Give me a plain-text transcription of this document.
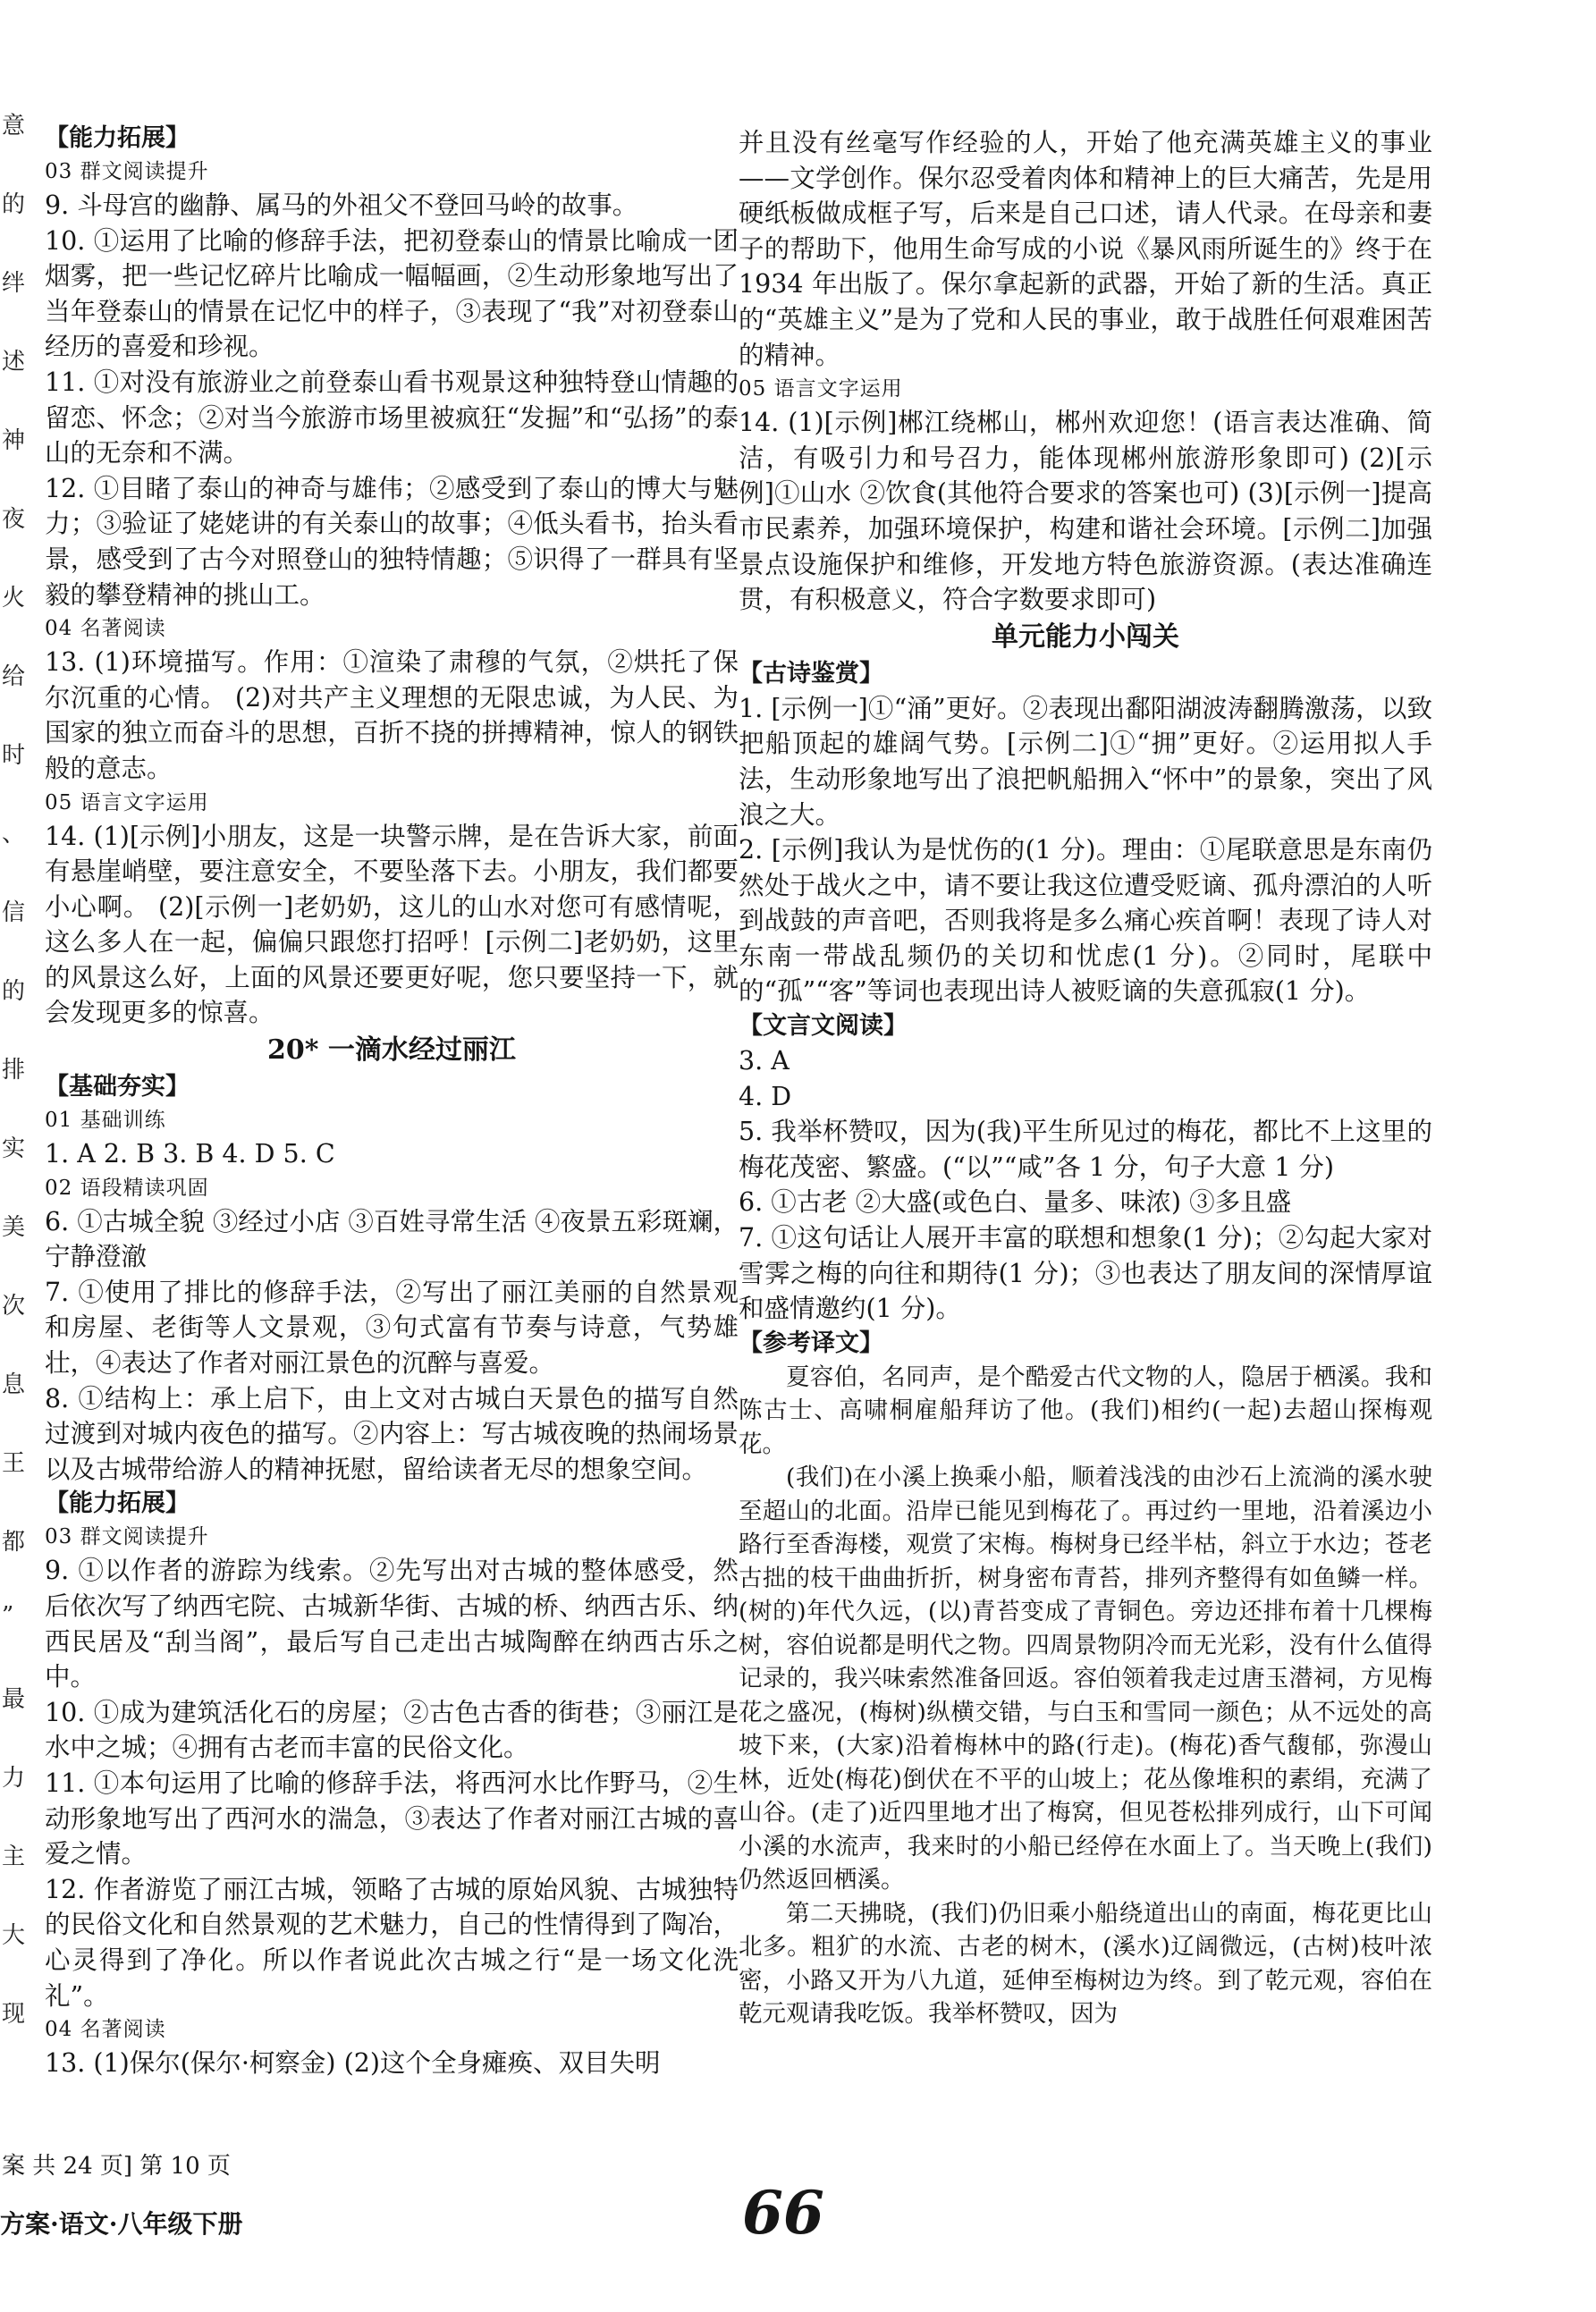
意
的
绊
述
神
夜
火
给
时
、
信
的
排
实
美
次
息
王
都
”
最
力
主
大
现

【能力拓展】

03 群文阅读提升

9. 斗母宫的幽静、属马的外祖父不登回马岭的故事。

10. ①运用了比喻的修辞手法，把初登泰山的情景比喻成一团烟雾，把一些记忆碎片比喻成一幅幅画，②生动形象地写出了当年登泰山的情景在记忆中的样子，③表现了“我”对初登泰山经历的喜爱和珍视。

11. ①对没有旅游业之前登泰山看书观景这种独特登山情趣的留恋、怀念；②对当今旅游市场里被疯狂“发掘”和“弘扬”的泰山的无奈和不满。

12. ①目睹了泰山的神奇与雄伟；②感受到了泰山的博大与魅力；③验证了姥姥讲的有关泰山的故事；④低头看书，抬头看景，感受到了古今对照登山的独特情趣；⑤识得了一群具有坚毅的攀登精神的挑山工。

04 名著阅读

13. (1)环境描写。作用：①渲染了肃穆的气氛，②烘托了保尔沉重的心情。 (2)对共产主义理想的无限忠诚，为人民、为国家的独立而奋斗的思想，百折不挠的拼搏精神，惊人的钢铁般的意志。

05 语言文字运用

14. (1)[示例]小朋友，这是一块警示牌，是在告诉大家，前面有悬崖峭壁，要注意安全，不要坠落下去。小朋友，我们都要小心啊。 (2)[示例一]老奶奶，这儿的山水对您可有感情呢，这么多人在一起，偏偏只跟您打招呼！[示例二]老奶奶，这里的风景这么好，上面的风景还要更好呢，您只要坚持一下，就会发现更多的惊喜。

20* 一滴水经过丽江

【基础夯实】

01 基础训练

1. A 2. B 3. B 4. D 5. C

02 语段精读巩固

6. ①古城全貌 ③经过小店 ③百姓寻常生活 ④夜景五彩斑斓，宁静澄澈

7. ①使用了排比的修辞手法，②写出了丽江美丽的自然景观和房屋、老街等人文景观，③句式富有节奏与诗意，气势雄壮，④表达了作者对丽江景色的沉醉与喜爱。

8. ①结构上：承上启下，由上文对古城白天景色的描写自然过渡到对城内夜色的描写。②内容上：写古城夜晚的热闹场景以及古城带给游人的精神抚慰，留给读者无尽的想象空间。

【能力拓展】

03 群文阅读提升

9. ①以作者的游踪为线索。②先写出对古城的整体感受，然后依次写了纳西宅院、古城新华街、古城的桥、纳西古乐、纳西民居及“刮当阁”，最后写自己走出古城陶醉在纳西古乐之中。

10. ①成为建筑活化石的房屋；②古色古香的街巷；③丽江是水中之城；④拥有古老而丰富的民俗文化。

11. ①本句运用了比喻的修辞手法，将西河水比作野马，②生动形象地写出了西河水的湍急，③表达了作者对丽江古城的喜爱之情。

12. 作者游览了丽江古城，领略了古城的原始风貌、古城独特的民俗文化和自然景观的艺术魅力，自己的性情得到了陶冶，心灵得到了净化。所以作者说此次古城之行“是一场文化洗礼”。

04 名著阅读

13. (1)保尔(保尔·柯察金) (2)这个全身瘫痪、双目失明

并且没有丝毫写作经验的人，开始了他充满英雄主义的事业——文学创作。保尔忍受着肉体和精神上的巨大痛苦，先是用硬纸板做成框子写，后来是自己口述，请人代录。在母亲和妻子的帮助下，他用生命写成的小说《暴风雨所诞生的》终于在 1934 年出版了。保尔拿起新的武器，开始了新的生活。真正的“英雄主义”是为了党和人民的事业，敢于战胜任何艰难困苦的精神。

05 语言文字运用

14. (1)[示例]郴江绕郴山，郴州欢迎您！(语言表达准确、简洁，有吸引力和号召力，能体现郴州旅游形象即可) (2)[示例]①山水 ②饮食(其他符合要求的答案也可) (3)[示例一]提高市民素养，加强环境保护，构建和谐社会环境。[示例二]加强景点设施保护和维修，开发地方特色旅游资源。(表达准确连贯，有积极意义，符合字数要求即可)

单元能力小闯关

【古诗鉴赏】

1. [示例一]①“涌”更好。②表现出鄱阳湖波涛翻腾激荡，以致把船顶起的雄阔气势。[示例二]①“拥”更好。②运用拟人手法，生动形象地写出了浪把帆船拥入“怀中”的景象，突出了风浪之大。

2. [示例]我认为是忧伤的(1 分)。理由：①尾联意思是东南仍然处于战火之中，请不要让我这位遭受贬谪、孤舟漂泊的人听到战鼓的声音吧，否则我将是多么痛心疾首啊！表现了诗人对东南一带战乱频仍的关切和忧虑(1 分)。②同时，尾联中的“孤”“客”等词也表现出诗人被贬谪的失意孤寂(1 分)。

【文言文阅读】

3. A

4. D

5. 我举杯赞叹，因为(我)平生所见过的梅花，都比不上这里的梅花茂密、繁盛。(“以”“咸”各 1 分，句子大意 1 分)

6. ①古老 ②大盛(或色白、量多、味浓) ③多且盛

7. ①这句话让人展开丰富的联想和想象(1 分)；②勾起大家对雪霁之梅的向往和期待(1 分)；③也表达了朋友间的深情厚谊和盛情邀约(1 分)。

【参考译文】

夏容伯，名同声，是个酷爱古代文物的人，隐居于栖溪。我和陈古士、高啸桐雇船拜访了他。(我们)相约(一起)去超山探梅观花。

(我们)在小溪上换乘小船，顺着浅浅的由沙石上流淌的溪水驶至超山的北面。沿岸已能见到梅花了。再过约一里地，沿着溪边小路行至香海楼，观赏了宋梅。梅树身已经半枯，斜立于水边；苍老古拙的枝干曲曲折折，树身密布青苔，排列齐整得有如鱼鳞一样。(树的)年代久远，(以)青苔变成了青铜色。旁边还排布着十几棵梅树，容伯说都是明代之物。四周景物阴冷而无光彩，没有什么值得记录的，我兴味索然准备回返。容伯领着我走过唐玉潜祠，方见梅花之盛况，(梅树)纵横交错，与白玉和雪同一颜色；从不远处的高坡下来，(大家)沿着梅林中的路(行走)。(梅花)香气馥郁，弥漫山林，近处(梅花)倒伏在不平的山坡上；花丛像堆积的素绢，充满了山谷。(走了)近四里地才出了梅窝，但见苍松排列成行，山下可闻小溪的水流声，我来时的小船已经停在水面上了。当天晚上(我们)仍然返回栖溪。

第二天拂晓，(我们)仍旧乘小船绕道出山的南面，梅花更比山北多。粗犷的水流、古老的树木，(溪水)辽阔微远，(古树)枝叶浓密，小路又开为八九道，延伸至梅树边为终。到了乾元观，容伯在乾元观请我吃饭。我举杯赞叹，因为

案 共 24 页] 第 10 页
方案·语文·八年级下册	66
